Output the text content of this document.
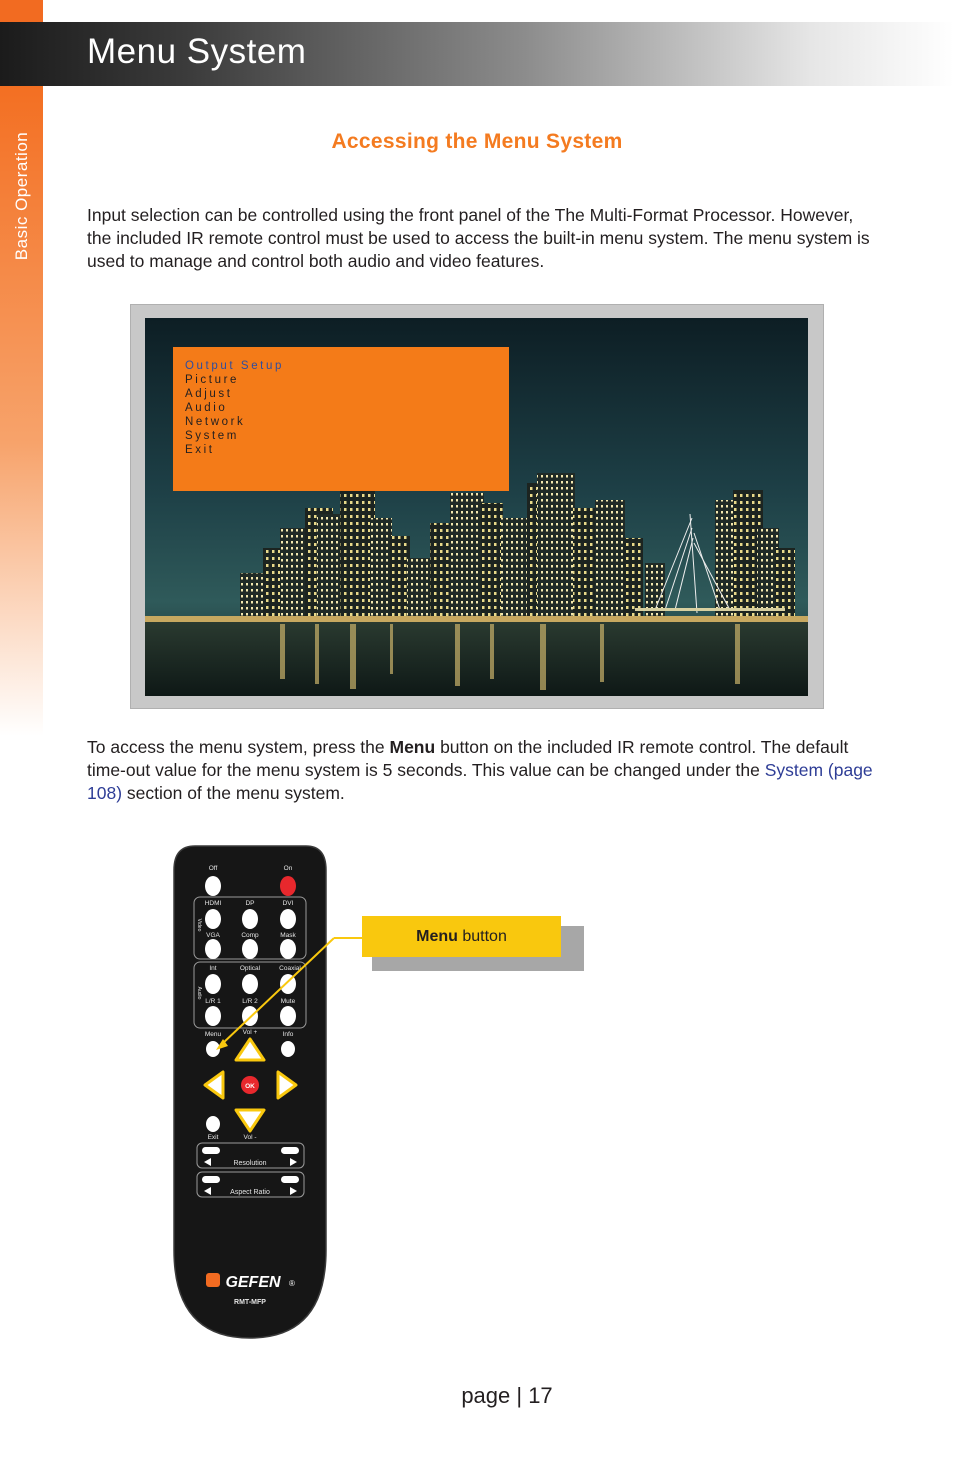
Basic Operation
Menu System
Accessing the Menu System
Input selection can be controlled using the front panel of the The Multi-Format Processor. However, the included IR remote control must be used to access the built-in menu system. The menu system is used to manage and control both audio and video features.
Output Setup
Picture
Adjust
Audio
Network
System
Exit
To access the menu system, press the Menu button on the included IR remote control. The default time-out value for the menu system is 5 seconds. This value can be changed under the System (page 108) section of the menu system.
Off	On
HDMI	DP	DVI
VGA	Comp	Mask
Int	Optical	Coaxial
L/R 1	L/R 2	Mute
Menu	Vol +	Info
Exit	Vol -
Video
Audio
OK
Resolution
Aspect Ratio
GEFEN ®
RMT-MFP
Menu button
page | 17
